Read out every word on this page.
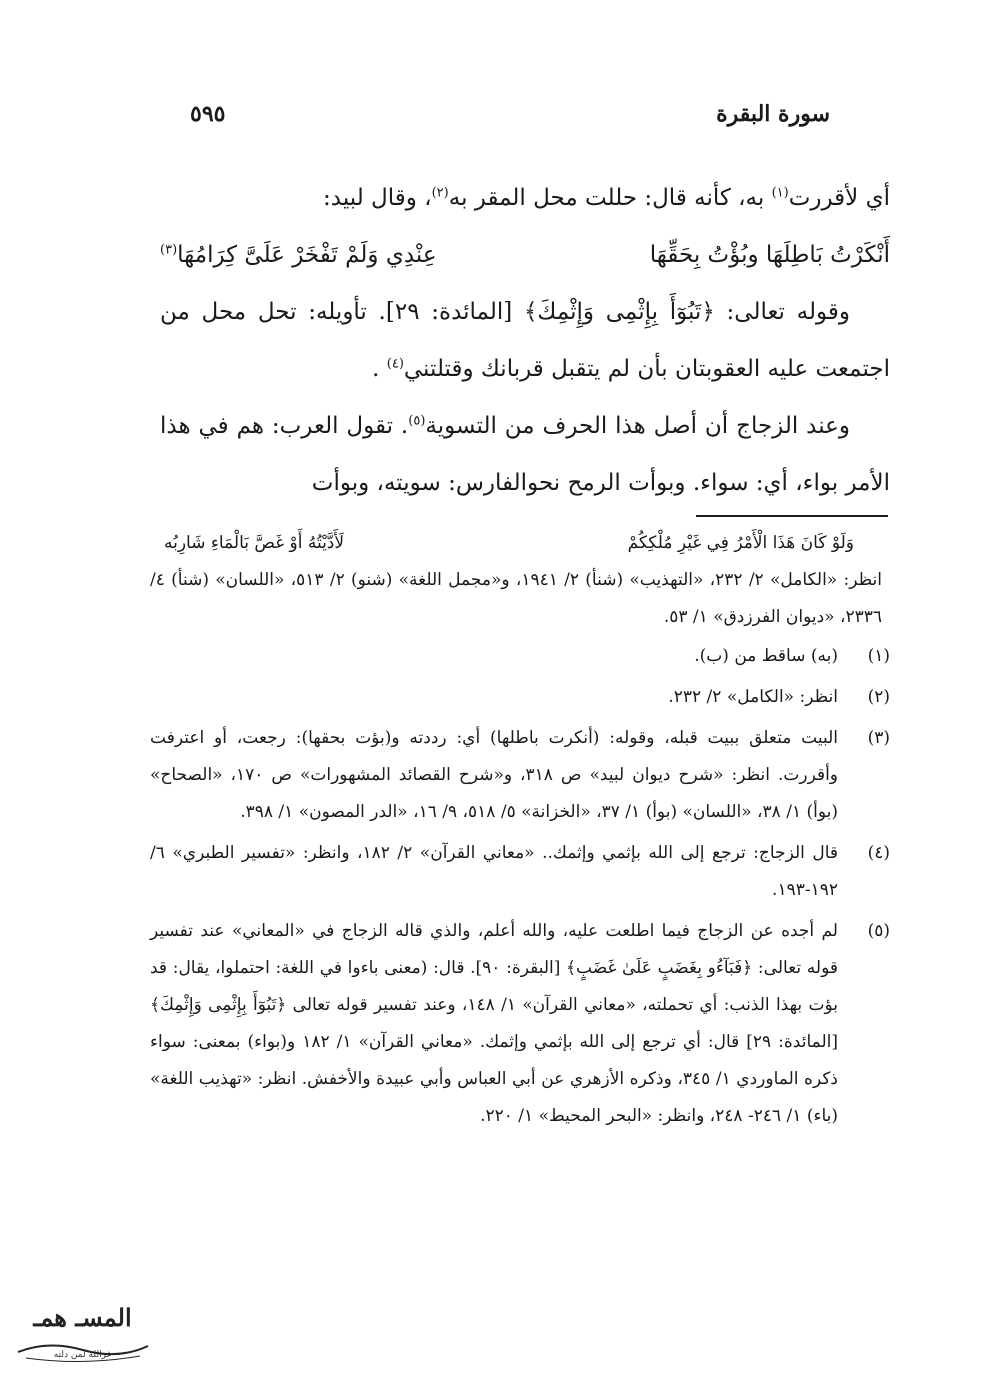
سورة البقرة
٥٩٥

أي لأقررت$^{(١)}$ به، كأنه قال: حللت محل المقر به$^{(٢)}$، وقال لبيد:

أَنْكَرْتُ بَاطِلَهَا وبُؤْتُ بِحَقِّهَا
عِنْدِي وَلَمْ تَفْخَرْ عَلَىَّ كِرَامُهَا$^{(٣)}$

وقوله تعالى: ﴿تَبُوٓأَ بِإِثْمِى وَإِثْمِكَ﴾ [المائدة: ٢٩]. تأويله: تحل محل من اجتمعت عليه العقوبتان بأن لم يتقبل قربانك وقتلتني$^{(٤)}$ .

وعند الزجاج أن أصل هذا الحرف من التسوية$^{(٥)}$. تقول العرب: هم في هذا الأمر بواء، أي: سواء. وبوأت الرمح نحوالفارس: سويته، وبوأت

وَلَوْ كَانَ هَذَا الْأَمْرُ فِي غَيْرِ مُلْكِكُمْ
لَأَدَّيْتُهُ أَوْ غَصَّ بَالْمَاءِ شَارِبُه

انظر: «الكامل» ٢/ ٢٣٢، «التهذيب» (شنأ) ٢/ ١٩٤١، و«مجمل اللغة» (شنو) ٢/ ٥١٣، «اللسان» (شنأ) ٤/ ٢٣٣٦، «ديوان الفرزدق» ١/ ٥٣.

(١)
(به) ساقط من (ب).
(٢)
انظر: «الكامل» ٢/ ٢٣٢.
(٣)
البيت متعلق ببيت قبله، وقوله: (أنكرت باطلها) أي: رددته و(بؤت بحقها): رجعت، أو اعترفت وأقررت. انظر: «شرح ديوان لبيد» ص ٣١٨، و«شرح القصائد المشهورات» ص ١٧٠، «الصحاح» (بوأ) ١/ ٣٨، «اللسان» (بوأ) ١/ ٣٧، «الخزانة» ٥/ ٥١٨، ٩/ ١٦، «الدر المصون» ١/ ٣٩٨.
(٤)
قال الزجاج: ترجع إلى الله بإثمي وإثمك.. «معاني القرآن» ٢/ ١٨٢، وانظر: «تفسير الطبري» ٦/ ١٩٢-١٩٣.
(٥)
لم أجده عن الزجاج فيما اطلعت عليه، والله أعلم، والذي قاله الزجاج في «المعاني» عند تفسير قوله تعالى: ﴿فَبَآءُو بِغَضَبٍ عَلَىٰ غَضَبٍ﴾ [البقرة: ٩٠]. قال: (معنى باءوا في اللغة: احتملوا، يقال: قد بؤت بهذا الذنب: أي تحملته، «معاني القرآن» ١/ ١٤٨، وعند تفسير قوله تعالى ﴿تَبُوٓأَ بِإِثْمِى وَإِثْمِكَ﴾ [المائدة: ٢٩] قال: أي ترجع إلى الله بإثمي وإثمك. «معاني القرآن» ١/ ١٨٢ و(بواء) بمعنى: سواء ذكره الماوردي ١/ ٣٤٥، وذكره الأزهري عن أبي العباس وأبي عبيدة والأخفش. انظر: «تهذيب اللغة» (باء) ١/ ٢٤٦- ٢٤٨، وانظر: «البحر المحيط» ١/ ٢٢٠.
المسـ همـ
غرالله لمن دلته
